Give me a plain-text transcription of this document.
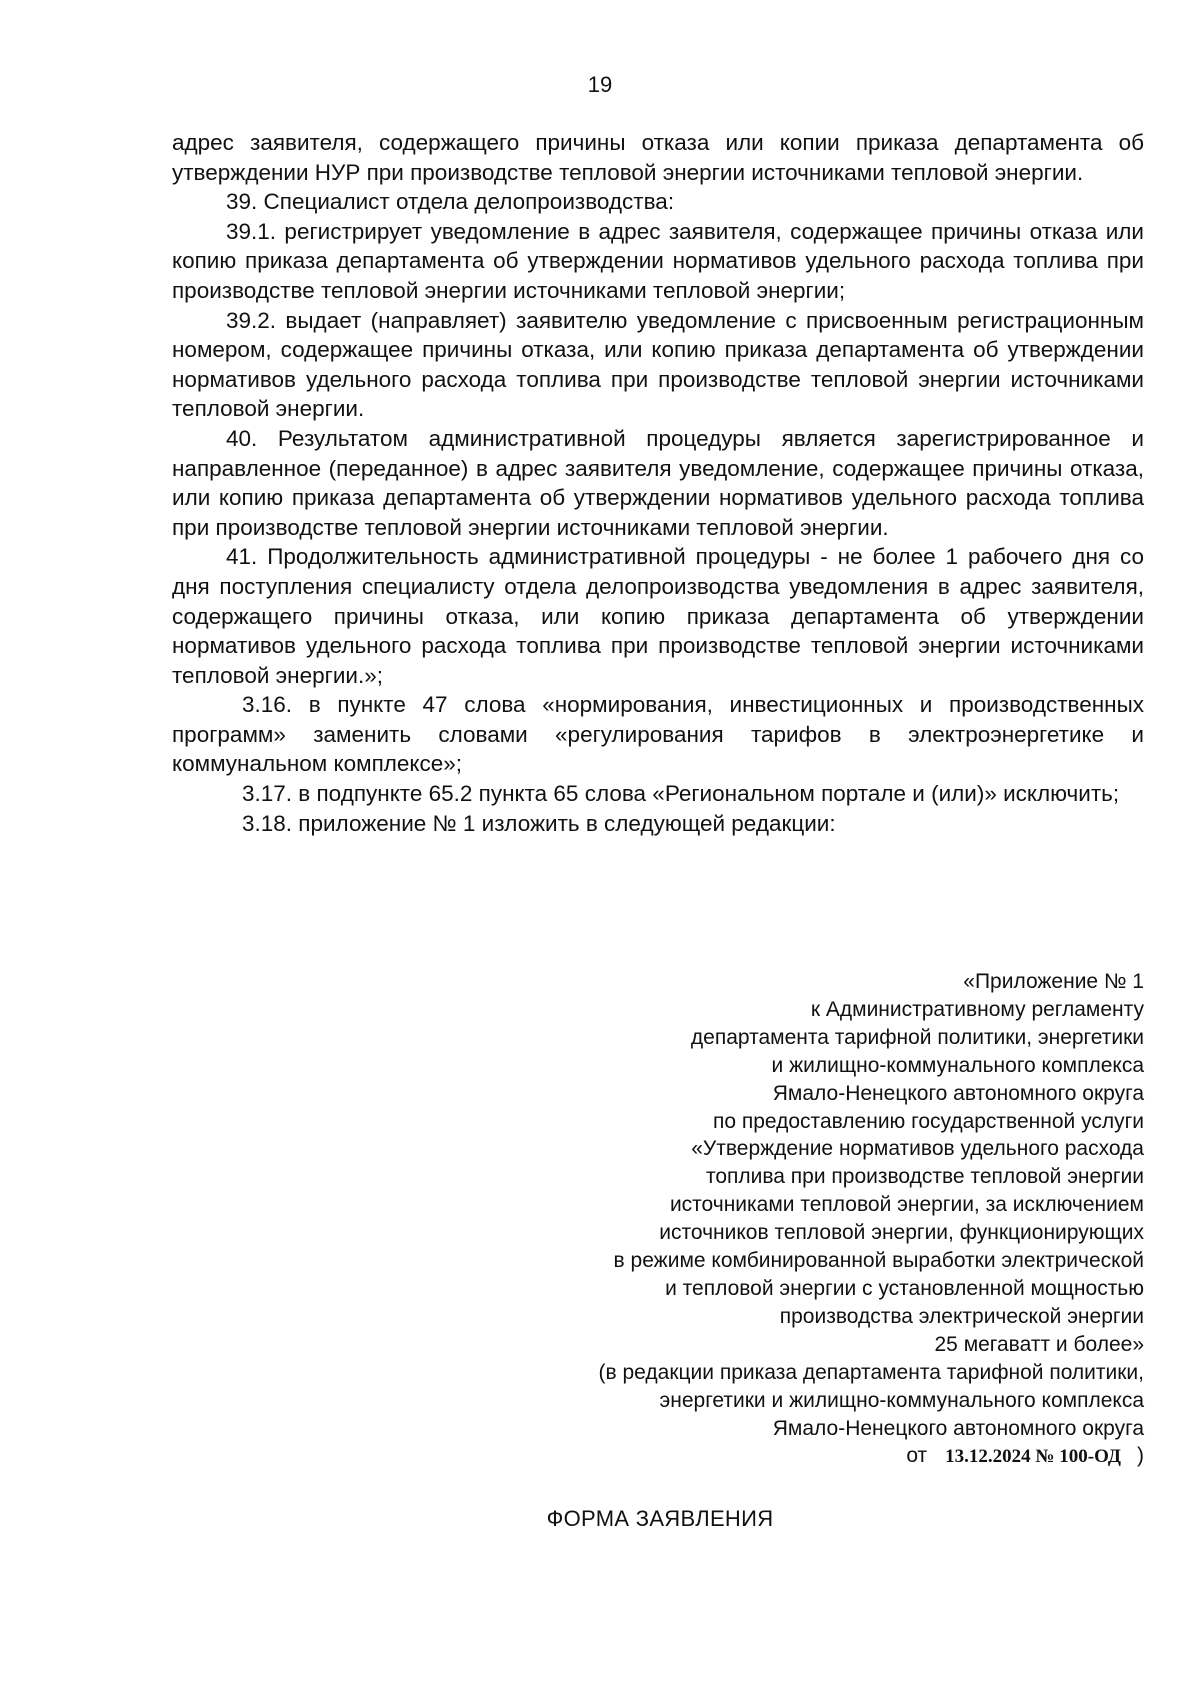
19

адрес заявителя, содержащего причины отказа или копии приказа департамента об утверждении НУР при производстве тепловой энергии источниками тепловой энергии.

39. Специалист отдела делопроизводства:

39.1. регистрирует уведомление в адрес заявителя, содержащее причины отказа или копию приказа департамента об утверждении нормативов удельного расхода топлива при производстве тепловой энергии источниками тепловой энергии;

39.2. выдает (направляет) заявителю уведомление с присвоенным регистрационным номером, содержащее причины отказа, или копию приказа департамента об утверждении нормативов удельного расхода топлива при производстве тепловой энергии источниками тепловой энергии.

40. Результатом административной процедуры является зарегистрированное и направленное (переданное) в адрес заявителя уведомление, содержащее причины отказа, или копию приказа департамента об утверждении нормативов удельного расхода топлива при производстве тепловой энергии источниками тепловой энергии.

41. Продолжительность административной процедуры - не более 1 рабочего дня со дня поступления специалисту отдела делопроизводства уведомления в адрес заявителя, содержащего причины отказа, или копию приказа департамента об утверждении нормативов удельного расхода топлива при производстве тепловой энергии источниками тепловой энергии.»;

3.16. в пункте 47 слова «нормирования, инвестиционных и производственных программ» заменить словами «регулирования тарифов в электроэнергетике и коммунальном комплексе»;

3.17. в подпункте 65.2 пункта 65 слова «Региональном портале и (или)» исключить;

3.18. приложение № 1 изложить в следующей редакции:

«Приложение № 1
к Административному регламенту
департамента тарифной политики, энергетики
и жилищно-коммунального комплекса
Ямало-Ненецкого автономного округа
по предоставлению государственной услуги
«Утверждение нормативов удельного расхода
топлива при производстве тепловой энергии
источниками тепловой энергии, за исключением
источников тепловой энергии, функционирующих
в режиме комбинированной выработки электрической
и тепловой энергии с установленной мощностью
производства электрической энергии
25 мегаватт и более»
(в редакции приказа департамента тарифной политики,
энергетики и жилищно-коммунального комплекса
Ямало-Ненецкого автономного округа
от 13.12.2024 № 100-ОД )
ФОРМА ЗАЯВЛЕНИЯ
